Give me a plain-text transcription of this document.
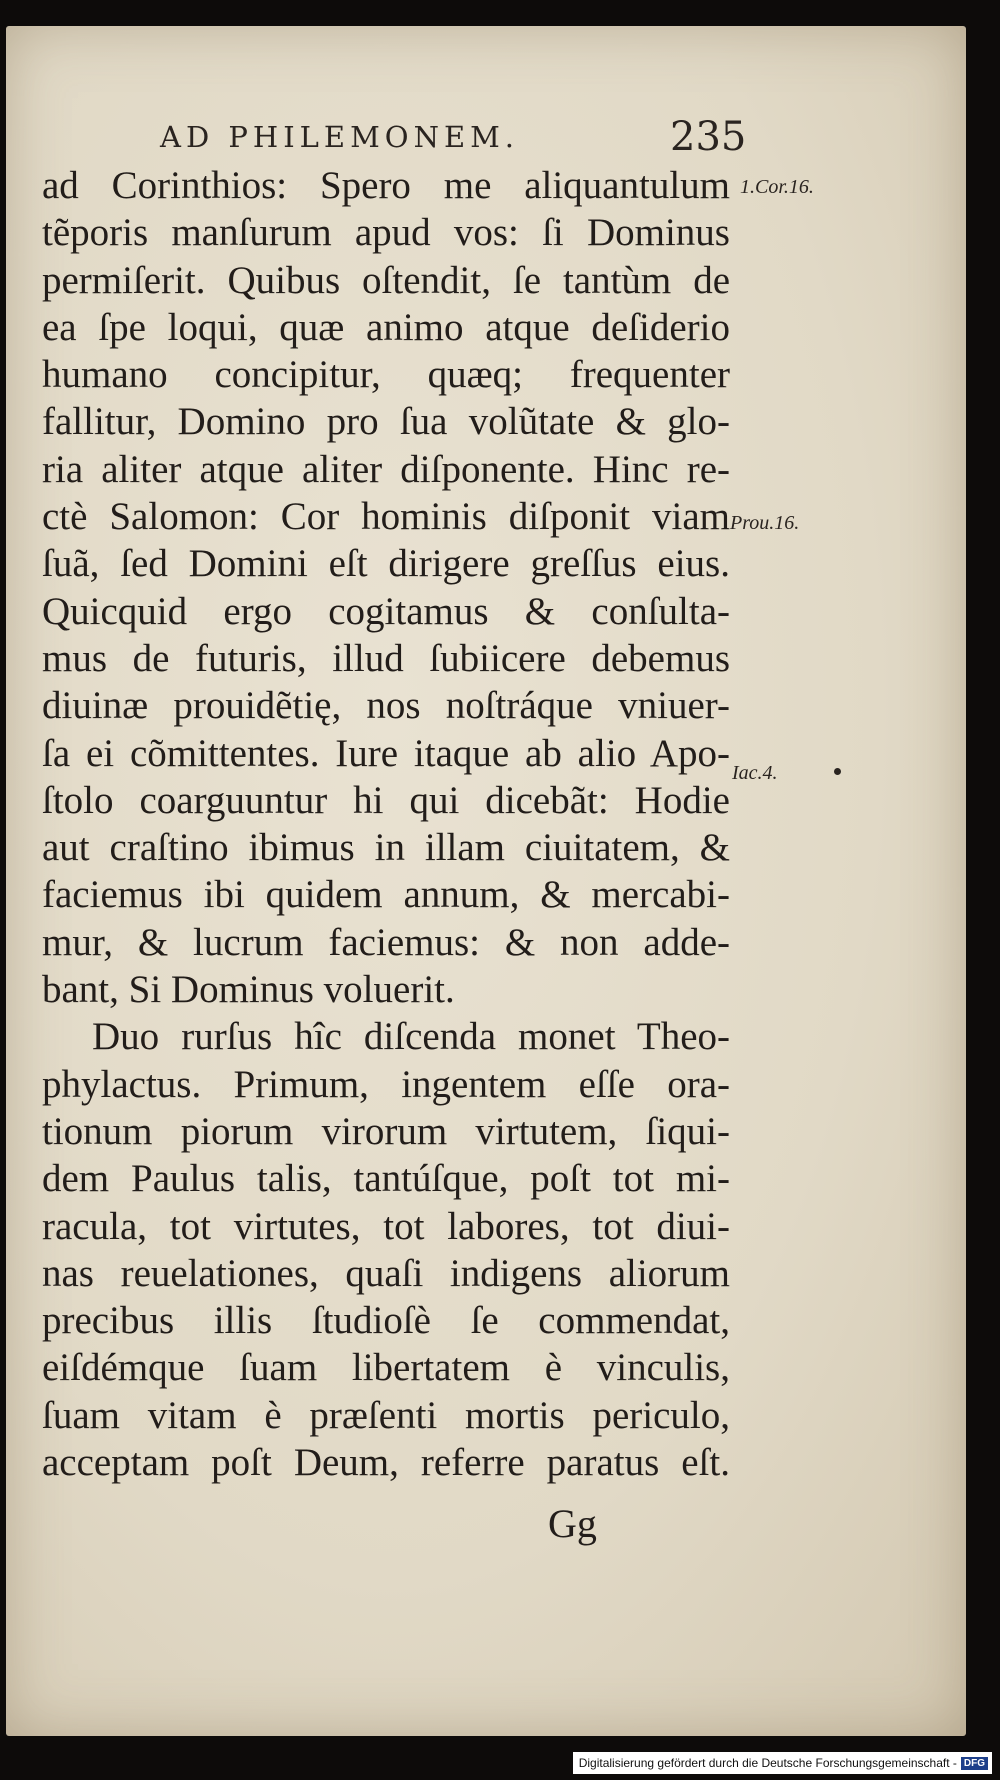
AD PHILEMONEM.	235
ad Corinthios: Spero me aliquantulum
tẽporis manſurum apud vos: ſi Dominus
permiſerit. Quibus oſtendit, ſe tantùm de
ea ſpe loqui, quæ animo atque deſiderio
humano concipitur, quæq; frequenter
fallitur, Domino pro ſua volũtate & glo-
ria aliter atque aliter diſponente. Hinc re-
ctè Salomon: Cor hominis diſponit viam
ſuã, ſed Domini eſt dirigere greſſus eius.
Quicquid ergo cogitamus & conſulta-
mus de futuris, illud ſubiicere debemus
diuinæ prouidẽtię, nos noſtráque vniuer-
ſa ei cõmittentes. Iure itaque ab alio Apo-
ſtolo coarguuntur hi qui dicebãt: Hodie
aut craſtino ibimus in illam ciuitatem, &
faciemus ibi quidem annum, & mercabi-
mur, & lucrum faciemus: & non adde-
bant, Si Dominus voluerit.
Duo rurſus hîc diſcenda monet Theo-
phylactus. Primum, ingentem eſſe ora-
tionum piorum virorum virtutem, ſiqui-
dem Paulus talis, tantúſque, poſt tot mi-
racula, tot virtutes, tot labores, tot diui-
nas reuelationes, quaſi indigens aliorum
precibus illis ſtudioſè ſe commendat,
eiſdémque ſuam libertatem è vinculis,
ſuam vitam è præſenti mortis periculo,
acceptam poſt Deum, referre paratus eſt.
1.Cor.16.
Prou.16.
Iac.4.
Gg
Digitalisierung gefördert durch die Deutsche Forschungsgemeinschaft - DFG
